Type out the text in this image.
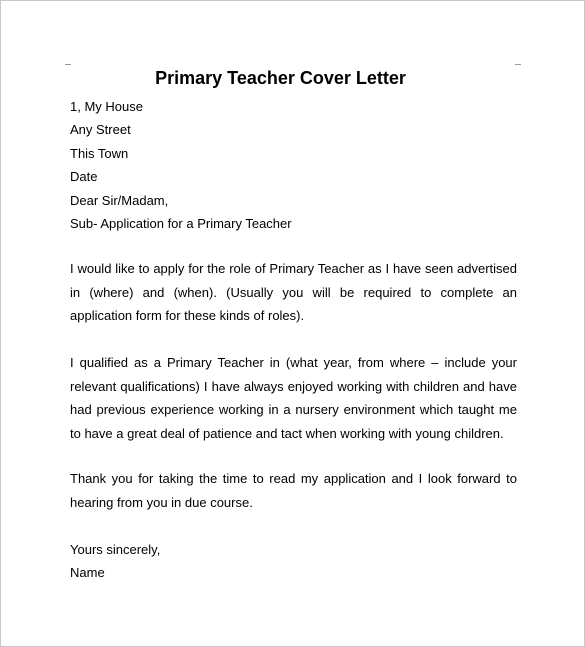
Primary Teacher Cover Letter
1, My House
Any Street
This Town
Date
Dear Sir/Madam,
Sub- Application for a Primary Teacher

I would like to apply for the role of Primary Teacher as I have seen advertised in (where) and (when). (Usually you will be required to complete an application form for these kinds of roles).

I qualified as a Primary Teacher in (what year, from where – include your relevant qualifications) I have always enjoyed working with children and have had previous experience working in a nursery environment which taught me to have a great deal of patience and tact when working with young children.

Thank you for taking the time to read my application and I look forward to hearing from you in due course.

Yours sincerely,
Name
